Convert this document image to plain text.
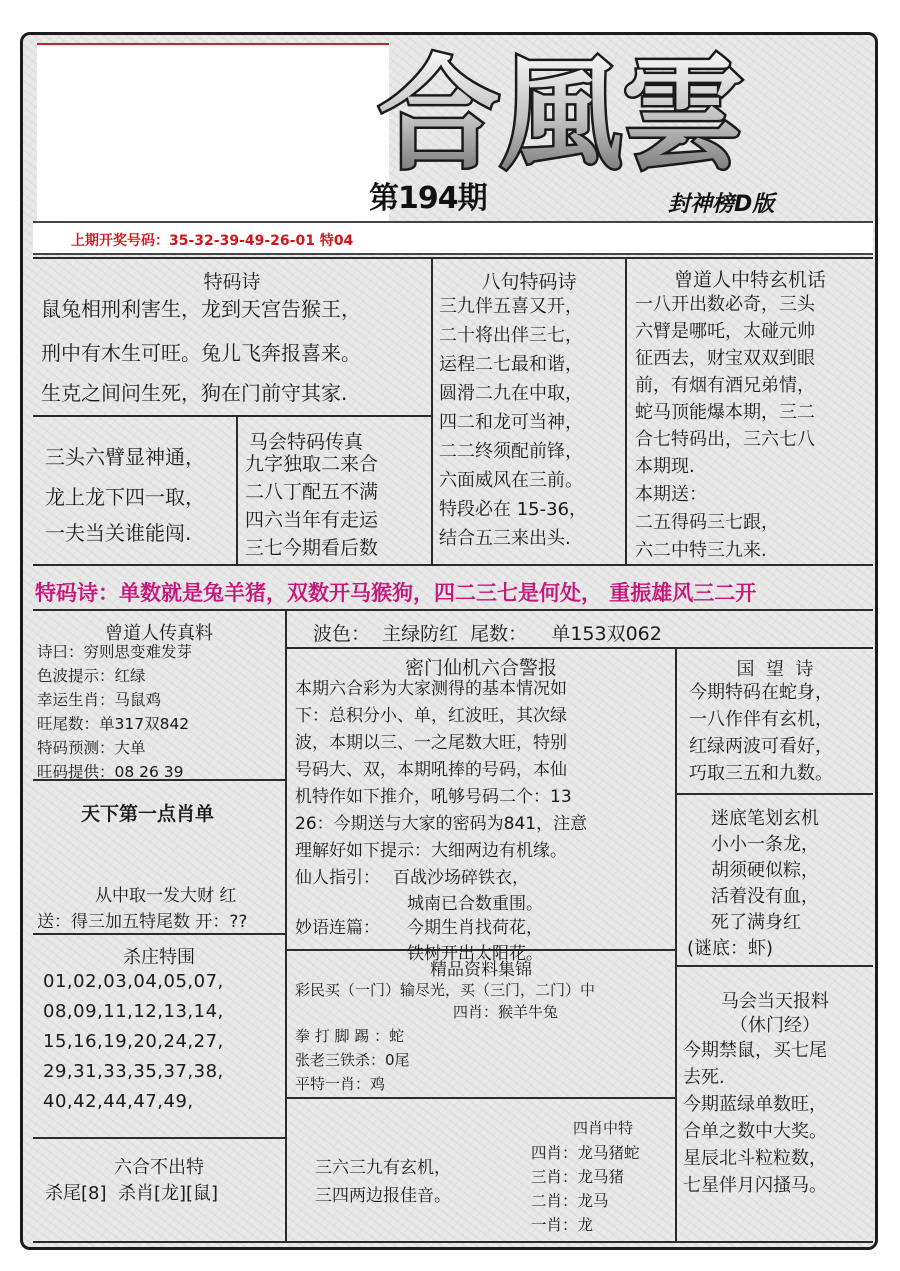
合風雲
第194期	封神榜D版
上期开奖号码：35-32-39-49-26-01 特04
特码诗
鼠兔相刑利害生，龙到天宫告猴王，
刑中有木生可旺。兔儿飞奔报喜来。
生克之间问生死，狗在门前守其家.
八句特码诗
三九伴五喜又开，
二十将出伴三七，
运程二七最和谐，
圆滑二九在中取，
四二和龙可当神，
二二终须配前锋，
六面威风在三前。
特段必在 15-36，
结合五三来出头.
曾道人中特玄机话
一八开出数必奇，三头
六臂是哪吒，太碰元帅
征西去，财宝双双到眼
前，有烟有酒兄弟情，
蛇马顶能爆本期，三二
合七特码出，三六七八
本期现.
本期送：
二五得码三七跟，
六二中特三九来.
三头六臂显神通，
龙上龙下四一取，
一夫当关谁能闯.
马会特码传真
九字独取二来合
二八丁配五不满
四六当年有走运
三七今期看后数
特码诗：单数就是兔羊猪，双数开马猴狗，四二三七是何处， 重振雄风三二开
曾道人传真料
诗曰：穷则思变难发芽
色波提示：红绿
幸运生肖：马鼠鸡
旺尾数：单317双842
特码预测：大单
旺码提供：08 26 39
波色：  主绿防红  尾数：    单153双062
密门仙机六合警报
本期六合彩为大家测得的基本情况如
下：总积分小、单，红波旺，其次绿
波，本期以三、一之尾数大旺，特别
号码大、双，本期吼捧的号码，本仙
机特作如下推介，吼够号码二个：13
26：今期送与大家的密码为841，注意
理解好如下提示：大细两边有机缘。
仙人指引： 百战沙场碎铁衣，
城南已合数重围。
妙语连篇： 今期生肖找荷花，
铁树开出太阳花。
国  望  诗
今期特码在蛇身，
一八作伴有玄机，
红绿两波可看好，
巧取三五和九数。
迷底笔划玄机
小小一条龙，
胡须硬似粽，
活着没有血，
死了满身红
(谜底：虾)
天下第一点肖单
从中取一发大财 红
送：得三加五特尾数 开：??
杀庄特围
01,02,03,04,05,07,
08,09,11,12,13,14,
15,16,19,20,24,27,
29,31,33,35,37,38,
40,42,44,47,49,
精品资料集锦
彩民买（一门）输尽光，买（三门，二门）中
四肖：猴羊牛兔
拳 打 脚 踢 ：蛇
张老三铁杀：0尾
平特一肖：鸡
马会当天报料
（休门经）
今期禁鼠，买七尾
去死.
今期蓝绿单数旺，
合单之数中大奖。
星辰北斗粒粒数，
七星伴月闪搔马。
六合不出特
杀尾[8]  杀肖[龙][鼠]
三六三九有玄机，
三四两边报佳音。
四肖中特
四肖：龙马猪蛇
三肖：龙马猪
二肖：龙马
一肖：龙
